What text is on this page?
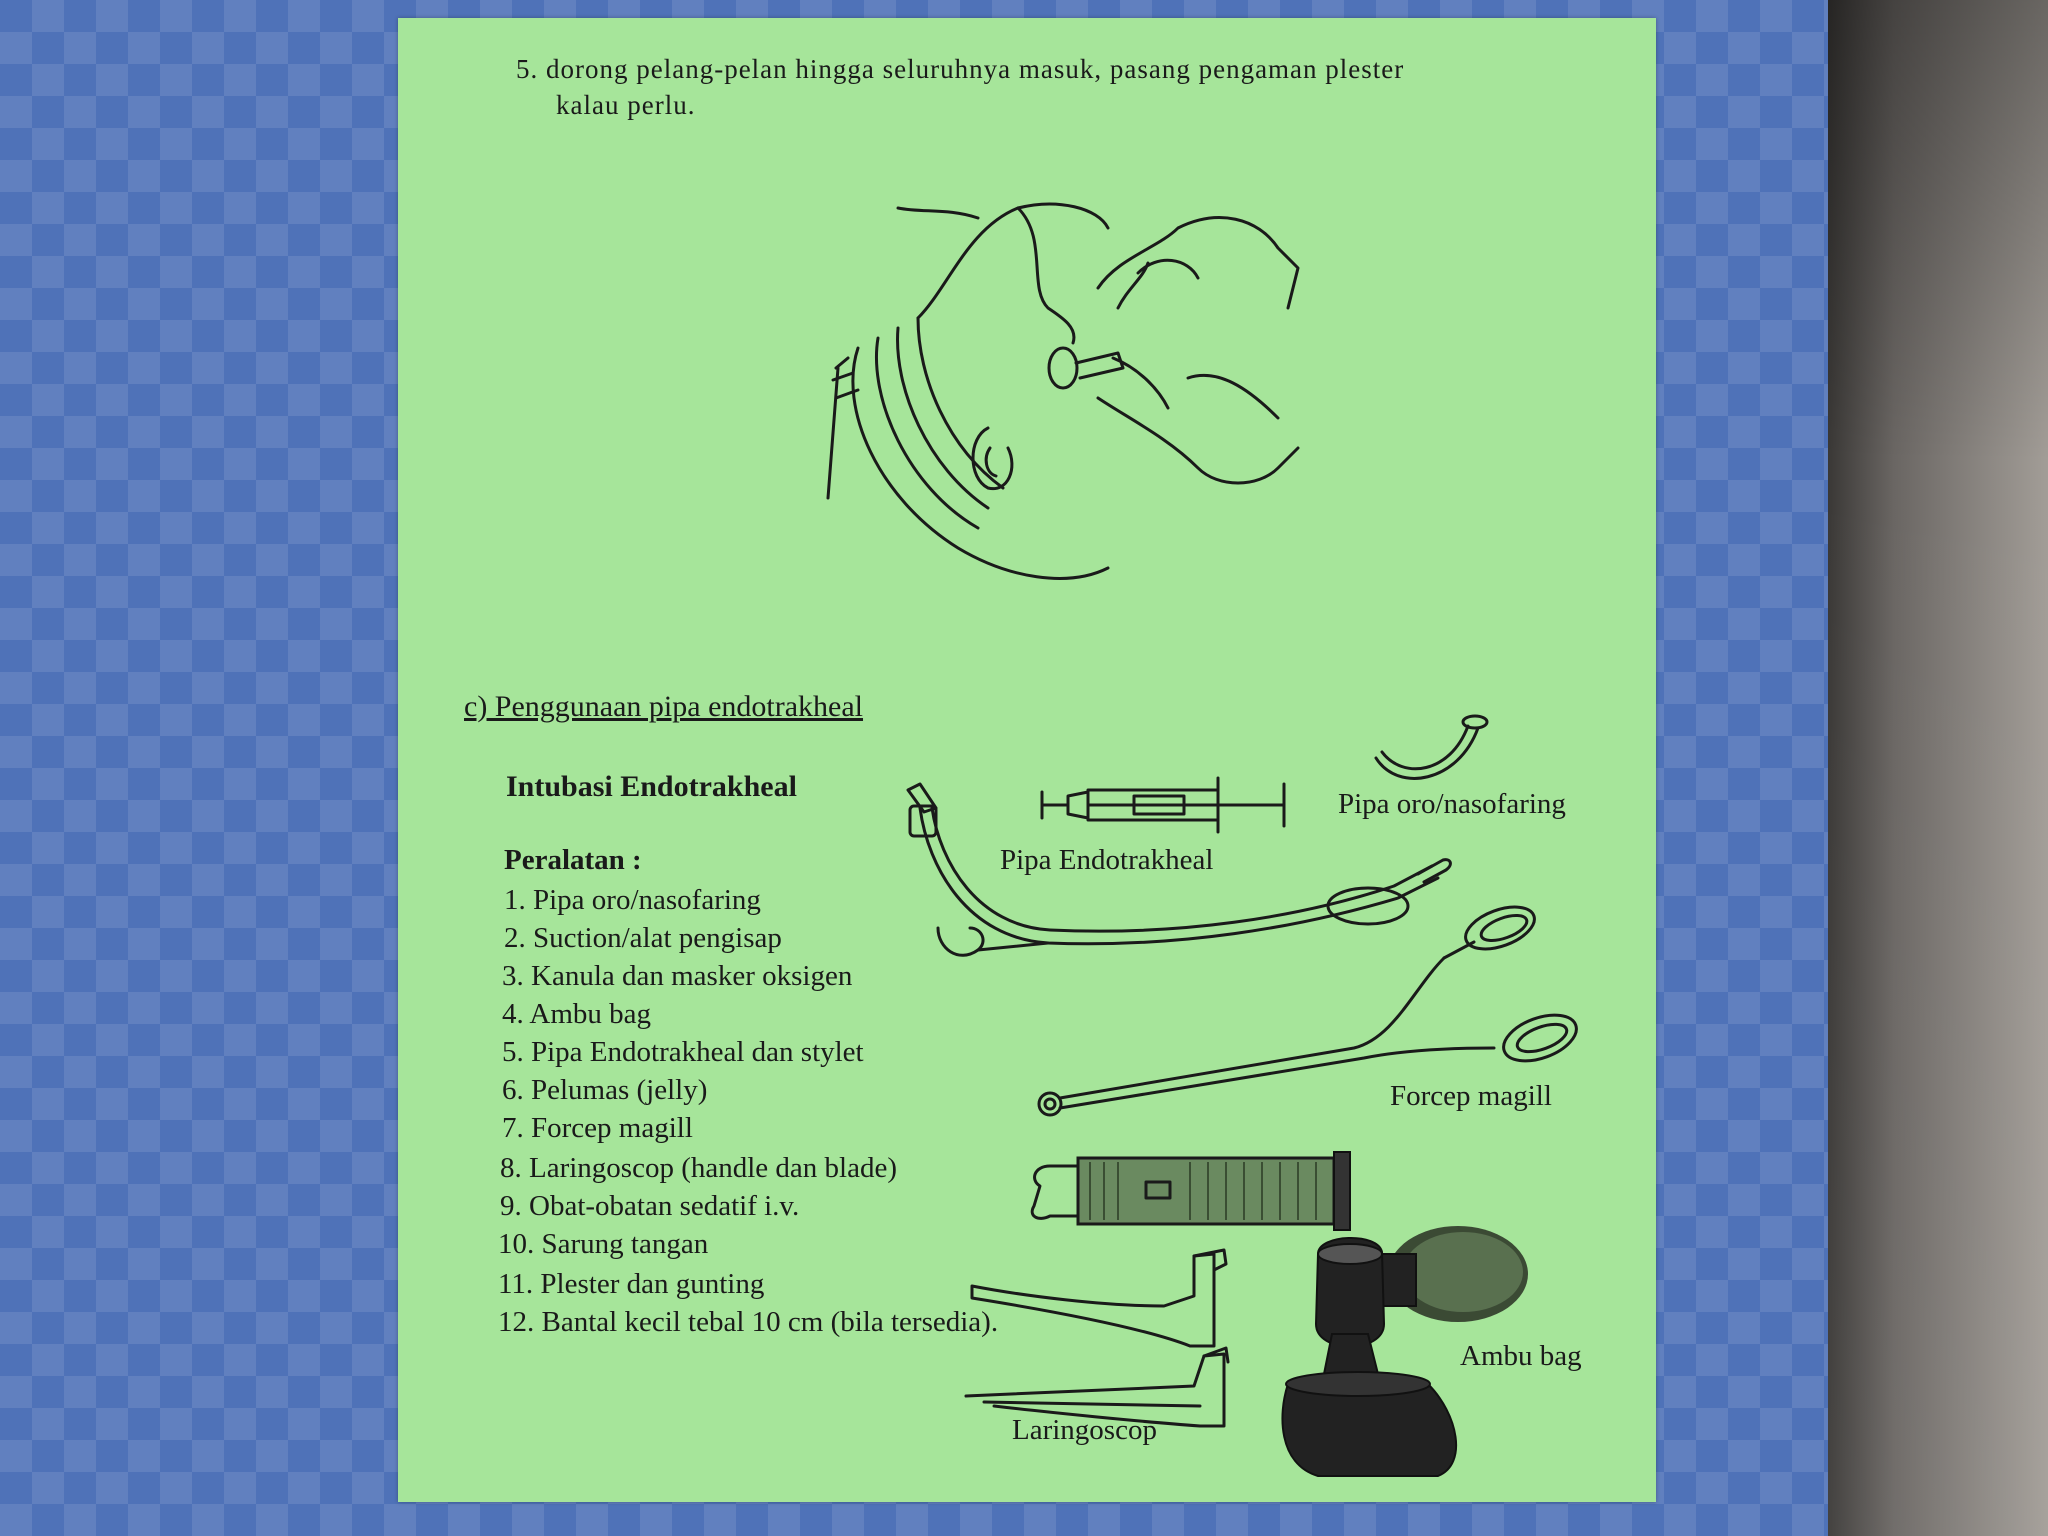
5. dorong pelang-pelan hingga seluruhnya masuk, pasang pengaman plester
kalau perlu.
c) Penggunaan pipa endotrakheal
Intubasi Endotrakheal
Peralatan :
1. Pipa oro/nasofaring
2. Suction/alat pengisap
3. Kanula dan masker oksigen
4. Ambu bag
5. Pipa Endotrakheal dan stylet
6. Pelumas (jelly)
7. Forcep magill
8. Laringoscop (handle dan blade)
9. Obat-obatan sedatif i.v.
10. Sarung tangan
11. Plester dan gunting
12. Bantal kecil tebal 10 cm (bila tersedia).
Pipa oro/nasofaring
Pipa Endotrakheal
Forcep magill
Ambu bag
Laringoscop
